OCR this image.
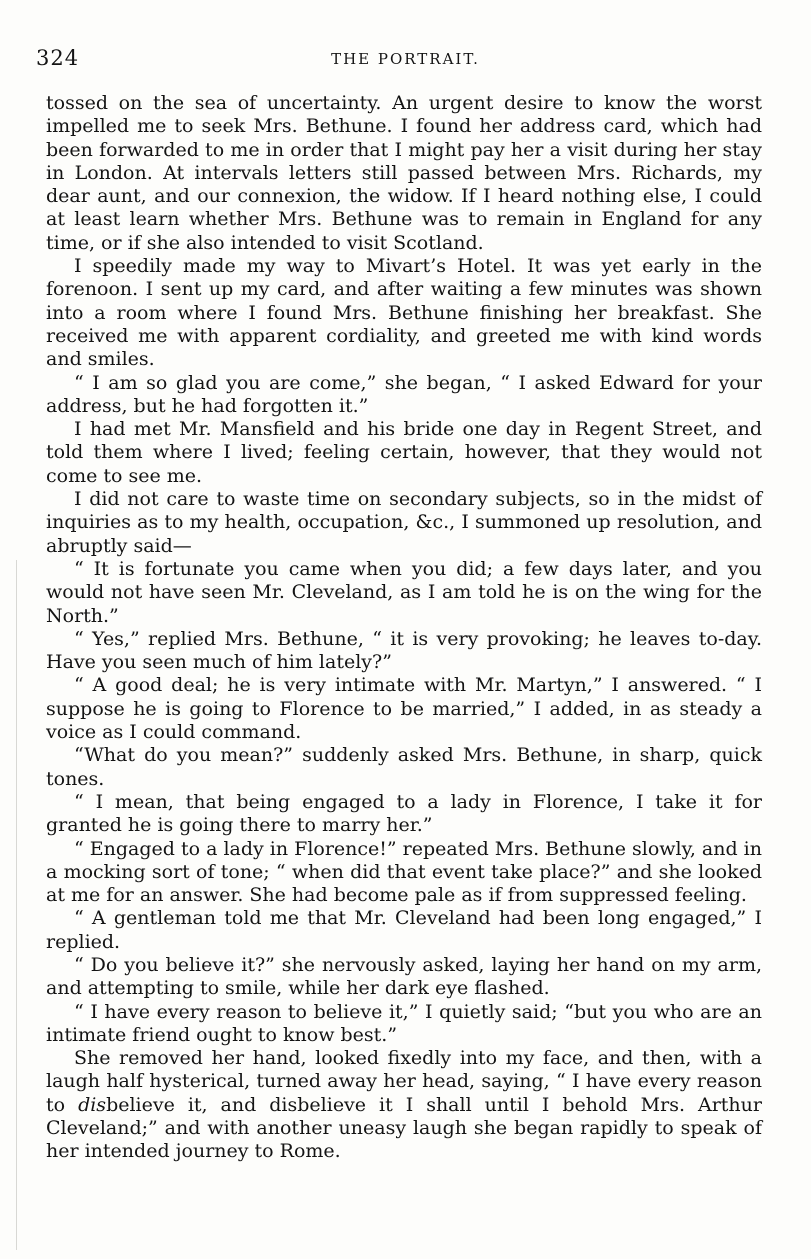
324	THE PORTRAIT.

tossed on the sea of uncertainty. An urgent desire to know the worst impelled me to seek Mrs. Bethune. I found her address card, which had been forwarded to me in order that I might pay her a visit during her stay in London. At intervals letters still passed between Mrs. Richards, my dear aunt, and our connexion, the widow. If I heard nothing else, I could at least learn whether Mrs. Bethune was to remain in England for any time, or if she also intended to visit Scotland.

I speedily made my way to Mivart’s Hotel. It was yet early in the forenoon. I sent up my card, and after waiting a few minutes was shown into a room where I found Mrs. Bethune finishing her breakfast. She received me with apparent cordiality, and greeted me with kind words and smiles.

“ I am so glad you are come,” she began, “ I asked Edward for your address, but he had forgotten it.”

I had met Mr. Mansfield and his bride one day in Regent Street, and told them where I lived; feeling certain, however, that they would not come to see me.

I did not care to waste time on secondary subjects, so in the midst of inquiries as to my health, occupation, &c., I summoned up resolution, and abruptly said—

“ It is fortunate you came when you did; a few days later, and you would not have seen Mr. Cleveland, as I am told he is on the wing for the North.”

“ Yes,” replied Mrs. Bethune, “ it is very provoking; he leaves to-day. Have you seen much of him lately?”

“ A good deal; he is very intimate with Mr. Martyn,” I answered. “ I suppose he is going to Florence to be married,” I added, in as steady a voice as I could command.

“What do you mean?” suddenly asked Mrs. Bethune, in sharp, quick tones.

“ I mean, that being engaged to a lady in Florence, I take it for granted he is going there to marry her.”

“ Engaged to a lady in Florence!” repeated Mrs. Bethune slowly, and in a mocking sort of tone; “ when did that event take place?” and she looked at me for an answer. She had become pale as if from suppressed feeling.

“ A gentleman told me that Mr. Cleveland had been long engaged,” I replied.

“ Do you believe it?” she nervously asked, laying her hand on my arm, and attempting to smile, while her dark eye flashed.

“ I have every reason to believe it,” I quietly said; “but you who are an intimate friend ought to know best.”

She removed her hand, looked fixedly into my face, and then, with a laugh half hysterical, turned away her head, saying, “ I have every reason to disbelieve it, and disbelieve it I shall until I behold Mrs. Arthur Cleveland;” and with another uneasy laugh she began rapidly to speak of her intended journey to Rome.
